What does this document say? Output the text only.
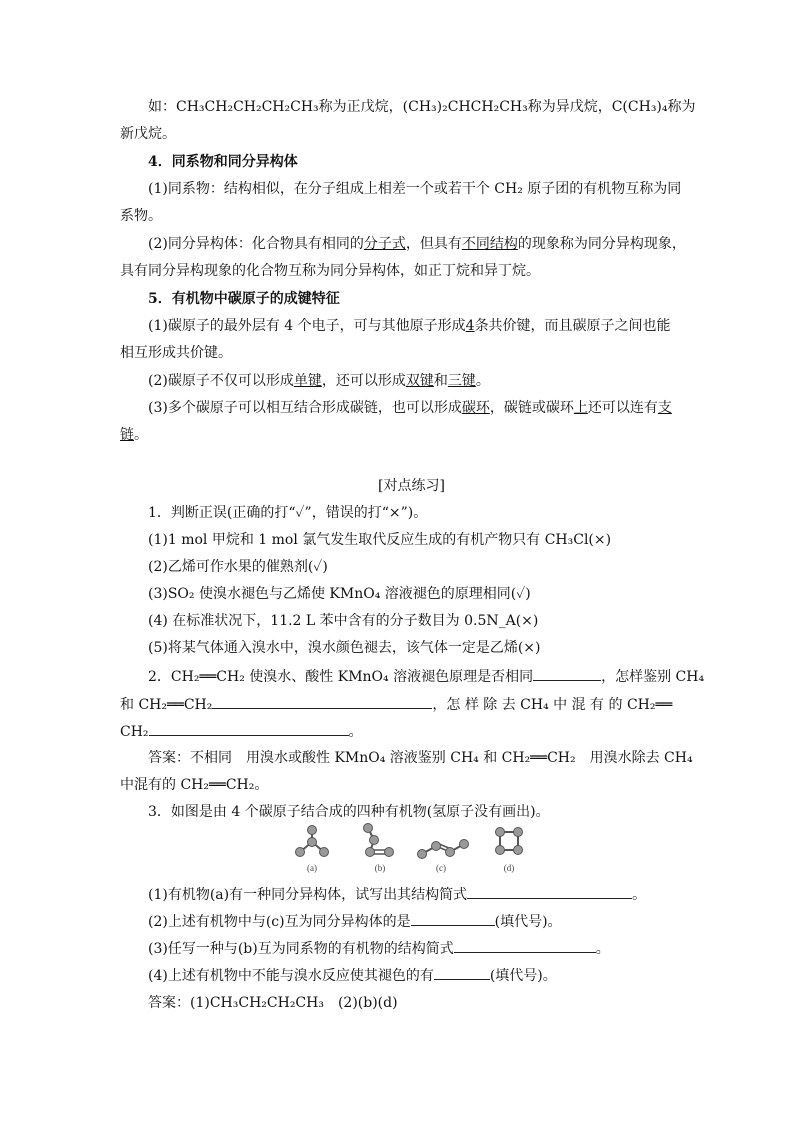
如：CH₃CH₂CH₂CH₂CH₃称为正戊烷，(CH₃)₂CHCH₂CH₃称为异戊烷，C(CH₃)₄称为
新戊烷。
4．同系物和同分异构体
(1)同系物：结构相似，在分子组成上相差一个或若干个 CH₂ 原子团的有机物互称为同
系物。
(2)同分异构体：化合物具有相同的分子式，但具有不同结构的现象称为同分异构现象，
具有同分异构现象的化合物互称为同分异构体，如正丁烷和异丁烷。
5．有机物中碳原子的成键特征
(1)碳原子的最外层有 4 个电子，可与其他原子形成4条共价键，而且碳原子之间也能
相互形成共价键。
(2)碳原子不仅可以形成单键，还可以形成双键和三键。
(3)多个碳原子可以相互结合形成碳链，也可以形成碳环，碳链或碳环上还可以连有支
链。
[对点练习]
1．判断正误(正确的打“✓”，错误的打“×”)。
(1)1 mol 甲烷和 1 mol 氯气发生取代反应生成的有机产物只有 CH₃Cl(×)
(2)乙烯可作水果的催熟剂(✓)
(3)SO₂ 使溴水褪色与乙烯使 KMnO₄ 溶液褪色的原理相同(✓)
(4) 在标准状况下，11.2 L 苯中含有的分子数目为 0.5N_A(×)
(5)将某气体通入溴水中，溴水颜色褪去，该气体一定是乙烯(×)
2．CH₂══CH₂ 使溴水、酸性 KMnO₄ 溶液褪色原理是否相同	，怎样鉴别 CH₄
和 CH₂══CH₂	，怎 样 除 去 CH₄ 中 混 有 的 CH₂══
CH₂	。
答案：不相同　用溴水或酸性 KMnO₄ 溶液鉴别 CH₄ 和 CH₂══CH₂　用溴水除去 CH₄
中混有的 CH₂══CH₂。
3．如图是由 4 个碳原子结合成的四种有机物(氢原子没有画出)。
(a)	(b)	(c)	(d)
(1)有机物(a)有一种同分异构体，试写出其结构简式	。
(2)上述有机物中与(c)互为同分异构体的是	(填代号)。
(3)任写一种与(b)互为同系物的有机物的结构简式	。
(4)上述有机物中不能与溴水反应使其褪色的有	(填代号)。
答案：(1)CH₃CH₂CH₂CH₃　(2)(b)(d)
